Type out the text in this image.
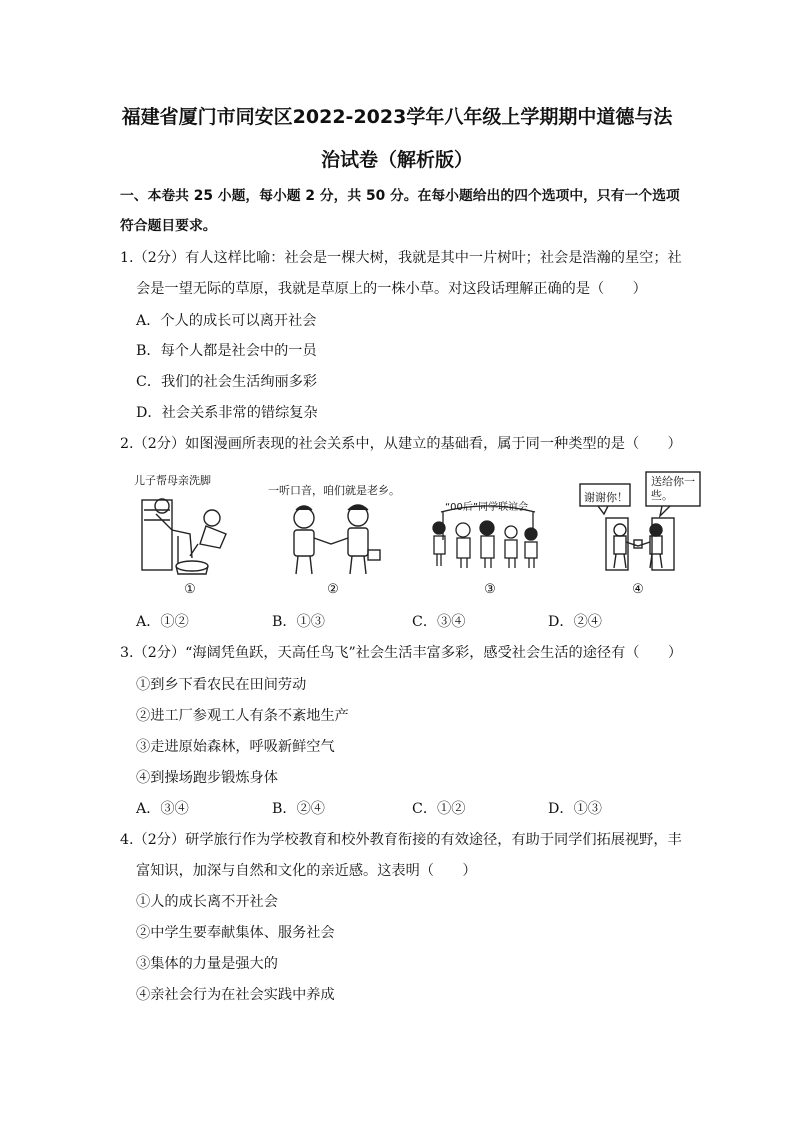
福建省厦门市同安区2022-2023学年八年级上学期期中道德与法
治试卷（解析版）
一、本卷共 25 小题，每小题 2 分，共 50 分。在每小题给出的四个选项中，只有一个选项
符合题目要求。
1.（2分）有人这样比喻：社会是一棵大树，我就是其中一片树叶；社会是浩瀚的星空；社
会是一望无际的草原，我就是草原上的一株小草。对这段话理解正确的是（　　）
A．个人的成长可以离开社会
B．每个人都是社会中的一员
C．我们的社会生活绚丽多彩
D．社会关系非常的错综复杂
2.（2分）如图漫画所表现的社会关系中，从建立的基础看，属于同一种类型的是（　　）
儿子帮母亲洗脚
①
一听口音，咱们就是老乡。
②
“00后”同学联谊会
③
谢谢你！
送给你一些。
④
A．①②	B．①③	C．③④	D．②④
3.（2分）“海阔凭鱼跃，天高任鸟飞”社会生活丰富多彩，感受社会生活的途径有（　　）
①到乡下看农民在田间劳动
②进工厂参观工人有条不紊地生产
③走进原始森林，呼吸新鲜空气
④到操场跑步锻炼身体
A．③④	B．②④	C．①②	D．①③
4.（2分）研学旅行作为学校教育和校外教育衔接的有效途径，有助于同学们拓展视野，丰
富知识，加深与自然和文化的亲近感。这表明（　　）
①人的成长离不开社会
②中学生要奉献集体、服务社会
③集体的力量是强大的
④亲社会行为在社会实践中养成
